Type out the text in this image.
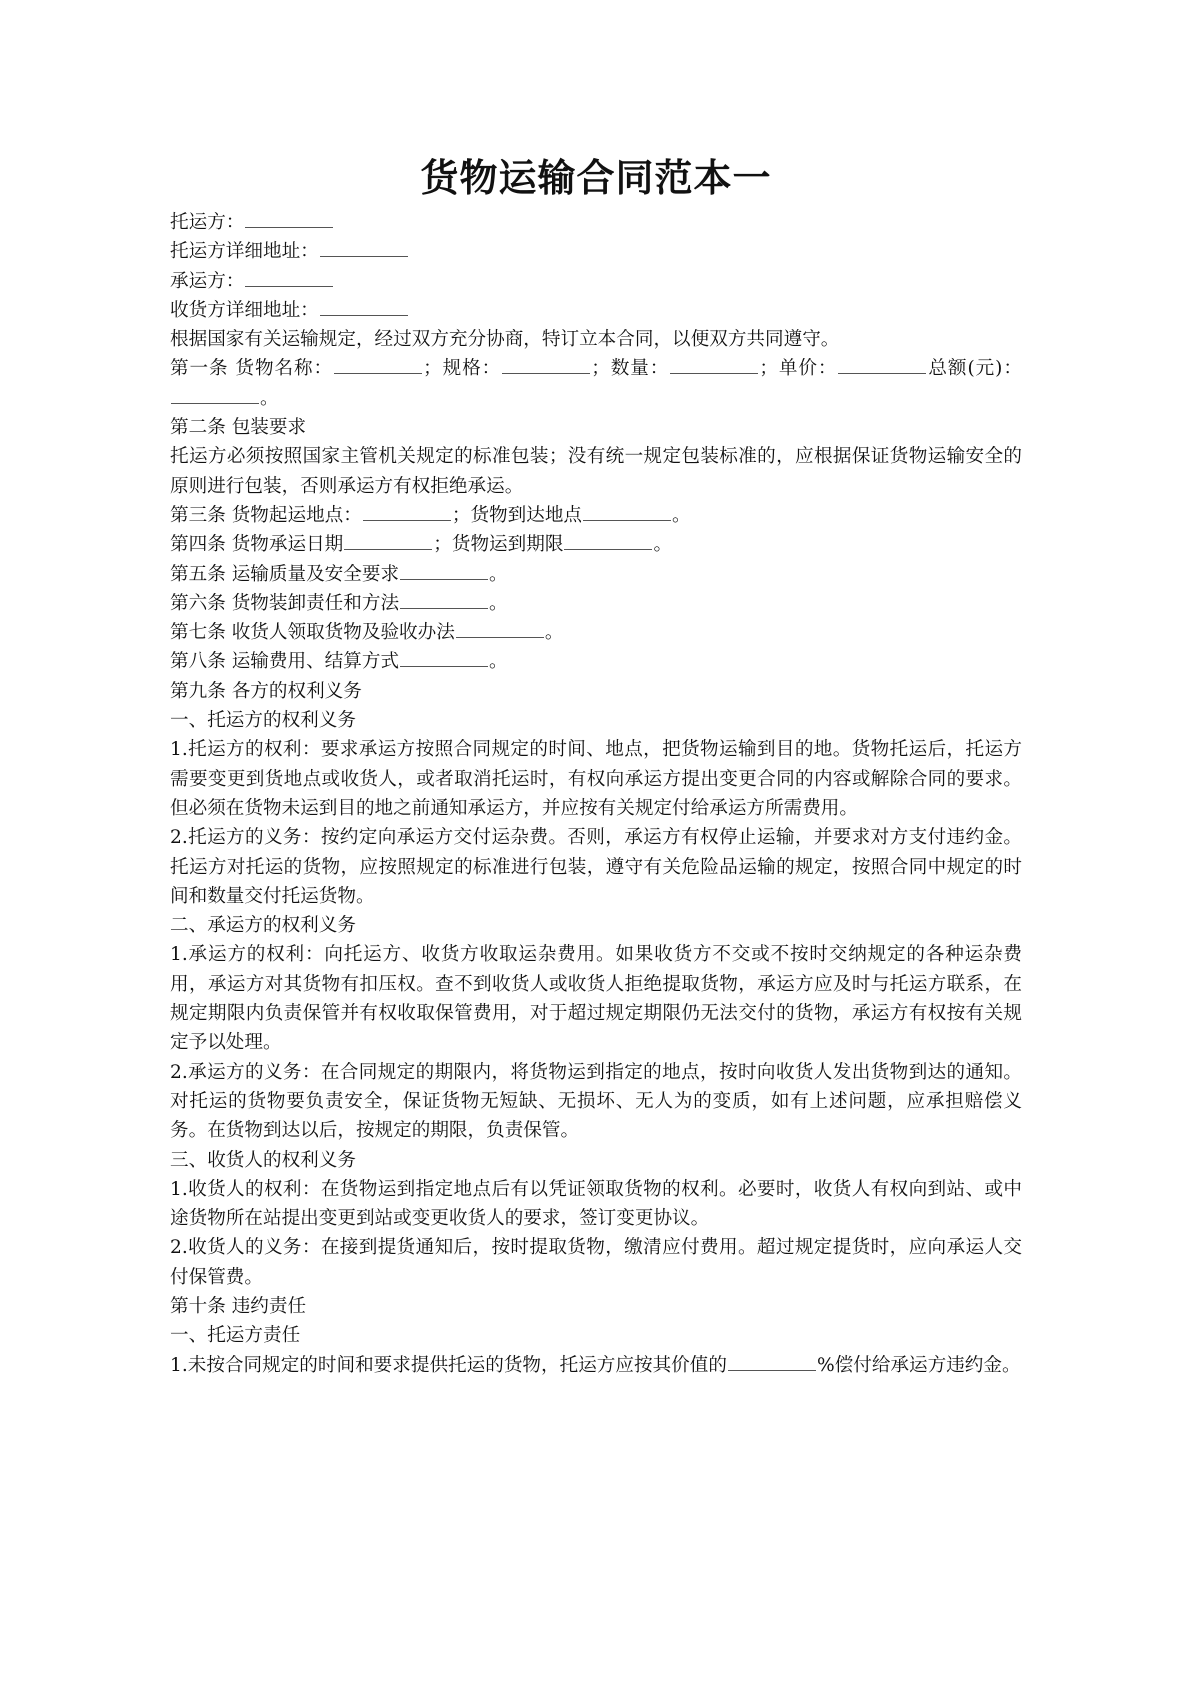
货物运输合同范本一

托运方：

托运方详细地址：

承运方：

收货方详细地址：

根据国家有关运输规定，经过双方充分协商，特订立本合同，以便双方共同遵守。

第一条 货物名称：	；规格：	；数量：	；单价：	总额(元)：。

第二条 包装要求

托运方必须按照国家主管机关规定的标准包装；没有统一规定包装标准的，应根据保证货物运输安全的原则进行包装，否则承运方有权拒绝承运。

第三条 货物起运地点：	；货物到达地点	。

第四条 货物承运日期	；货物运到期限	。

第五条 运输质量及安全要求	。

第六条 货物装卸责任和方法	。

第七条 收货人领取货物及验收办法	。

第八条 运输费用、结算方式	。

第九条 各方的权利义务

一、托运方的权利义务

1.托运方的权利：要求承运方按照合同规定的时间、地点，把货物运输到目的地。货物托运后，托运方需要变更到货地点或收货人，或者取消托运时，有权向承运方提出变更合同的内容或解除合同的要求。但必须在货物未运到目的地之前通知承运方，并应按有关规定付给承运方所需费用。

2.托运方的义务：按约定向承运方交付运杂费。否则，承运方有权停止运输，并要求对方支付违约金。托运方对托运的货物，应按照规定的标准进行包装，遵守有关危险品运输的规定，按照合同中规定的时间和数量交付托运货物。

二、承运方的权利义务

1.承运方的权利：向托运方、收货方收取运杂费用。如果收货方不交或不按时交纳规定的各种运杂费用，承运方对其货物有扣压权。查不到收货人或收货人拒绝提取货物，承运方应及时与托运方联系，在规定期限内负责保管并有权收取保管费用，对于超过规定期限仍无法交付的货物，承运方有权按有关规定予以处理。

2.承运方的义务：在合同规定的期限内，将货物运到指定的地点，按时向收货人发出货物到达的通知。对托运的货物要负责安全，保证货物无短缺、无损坏、无人为的变质，如有上述问题，应承担赔偿义务。在货物到达以后，按规定的期限，负责保管。

三、收货人的权利义务

1.收货人的权利：在货物运到指定地点后有以凭证领取货物的权利。必要时，收货人有权向到站、或中途货物所在站提出变更到站或变更收货人的要求，签订变更协议。

2.收货人的义务：在接到提货通知后，按时提取货物，缴清应付费用。超过规定提货时，应向承运人交付保管费。

第十条 违约责任

一、托运方责任

1.未按合同规定的时间和要求提供托运的货物，托运方应按其价值的	%偿付给承运方违约金。
